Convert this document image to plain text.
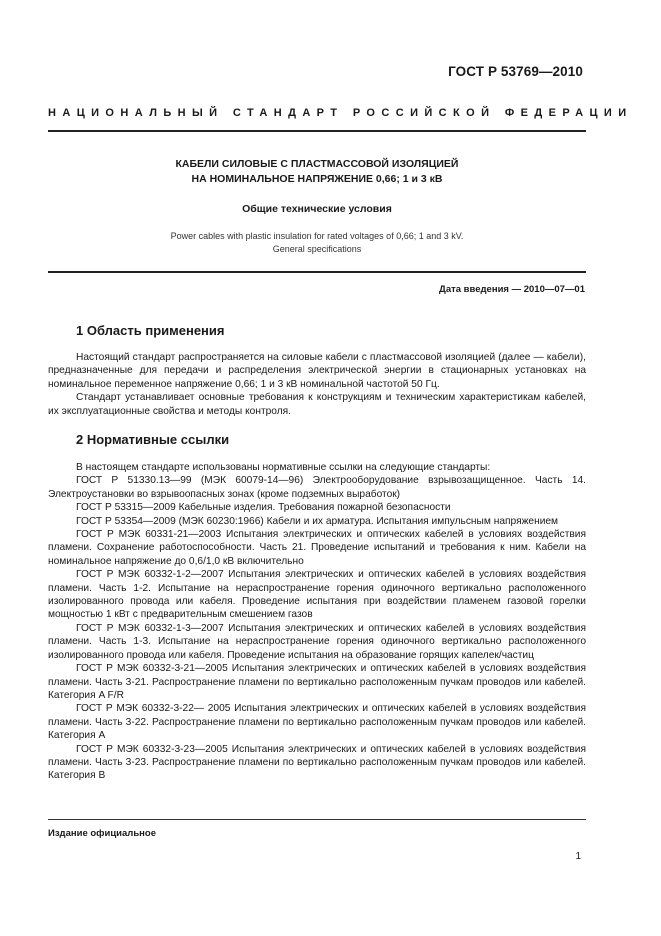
ГОСТ Р 53769—2010
НАЦИОНАЛЬНЫЙ СТАНДАРТ РОССИЙСКОЙ ФЕДЕРАЦИИ
КАБЕЛИ СИЛОВЫЕ С ПЛАСТМАССОВОЙ ИЗОЛЯЦИЕЙ
НА НОМИНАЛЬНОЕ НАПРЯЖЕНИЕ 0,66; 1 и 3 кВ
Общие технические условия
Power cables with plastic insulation for rated voltages of 0,66; 1 and 3 kV.
General specifications
Дата введения — 2010—07—01
1 Область применения

Настоящий стандарт распространяется на силовые кабели с пластмассовой изоляцией (далее — кабели), предназначенные для передачи и распределения электрической энергии в стационарных установках на номинальное переменное напряжение 0,66; 1 и 3 кВ номинальной частотой 50 Гц.

Стандарт устанавливает основные требования к конструкциям и техническим характеристикам кабелей, их эксплуатационные свойства и методы контроля.

2 Нормативные ссылки

В настоящем стандарте использованы нормативные ссылки на следующие стандарты:

ГОСТ Р 51330.13—99 (МЭК 60079-14—96) Электрооборудование взрывозащищенное. Часть 14. Электроустановки во взрывоопасных зонах (кроме подземных выработок)

ГОСТ Р 53315—2009 Кабельные изделия. Требования пожарной безопасности

ГОСТ Р 53354—2009 (МЭК 60230:1966) Кабели и их арматура. Испытания импульсным напряжением

ГОСТ Р МЭК 60331-21—2003 Испытания электрических и оптических кабелей в условиях воздействия пламени. Сохранение работоспособности. Часть 21. Проведение испытаний и требования к ним. Кабели на номинальное напряжение до 0,6/1,0 кВ включительно

ГОСТ Р МЭК 60332-1-2—2007 Испытания электрических и оптических кабелей в условиях воздействия пламени. Часть 1-2. Испытание на нераспространение горения одиночного вертикально расположенного изолированного провода или кабеля. Проведение испытания при воздействии пламенем газовой горелки мощностью 1 кВт с предварительным смешением газов

ГОСТ Р МЭК 60332-1-3—2007 Испытания электрических и оптических кабелей в условиях воздействия пламени. Часть 1-3. Испытание на нераспространение горения одиночного вертикально расположенного изолированного провода или кабеля. Проведение испытания на образование горящих капелек/частиц

ГОСТ Р МЭК 60332-3-21—2005 Испытания электрических и оптических кабелей в условиях воздействия пламени. Часть 3-21. Распространение пламени по вертикально расположенным пучкам проводов или кабелей. Категория A F/R

ГОСТ Р МЭК 60332-3-22— 2005 Испытания электрических и оптических кабелей в условиях воздействия пламени. Часть 3-22. Распространение пламени по вертикально расположенным пучкам проводов или кабелей. Категория А

ГОСТ Р МЭК 60332-3-23—2005 Испытания электрических и оптических кабелей в условиях воздействия пламени. Часть 3-23. Распространение пламени по вертикально расположенным пучкам проводов или кабелей. Категория В

Издание официальное
1
